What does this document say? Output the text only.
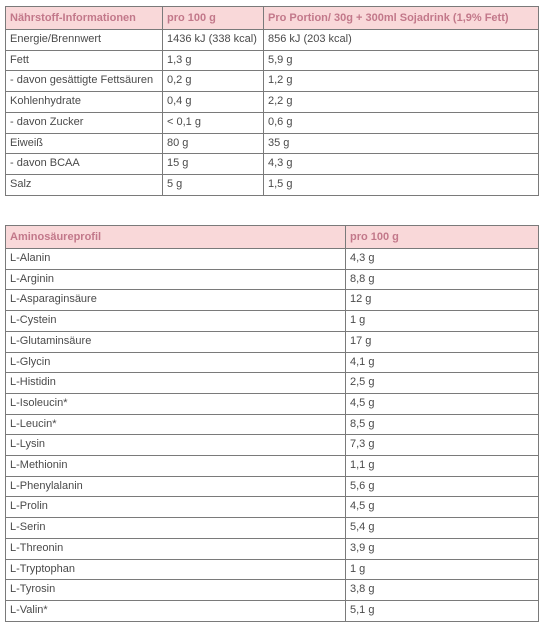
Nährstoff-Informationen	pro 100 g	Pro Portion/ 30g + 300ml Sojadrink (1,9% Fett)
Energie/Brennwert	1436 kJ (338 kcal)	856 kJ (203 kcal)
Fett	1,3 g	5,9 g
- davon gesättigte Fettsäuren	0,2 g	1,2 g
Kohlenhydrate	0,4 g	2,2 g
- davon Zucker	< 0,1 g	0,6 g
Eiweiß	80 g	35 g
- davon BCAA	15 g	4,3 g
Salz	5 g	1,5 g
Aminosäureprofil	pro 100 g
L-Alanin	4,3 g
L-Arginin	8,8 g
L-Asparaginsäure	12 g
L-Cystein	1 g
L-Glutaminsäure	17 g
L-Glycin	4,1 g
L-Histidin	2,5 g
L-Isoleucin*	4,5 g
L-Leucin*	8,5 g
L-Lysin	7,3 g
L-Methionin	1,1 g
L-Phenylalanin	5,6 g
L-Prolin	4,5 g
L-Serin	5,4 g
L-Threonin	3,9 g
L-Tryptophan	1 g
L-Tyrosin	3,8 g
L-Valin*	5,1 g
